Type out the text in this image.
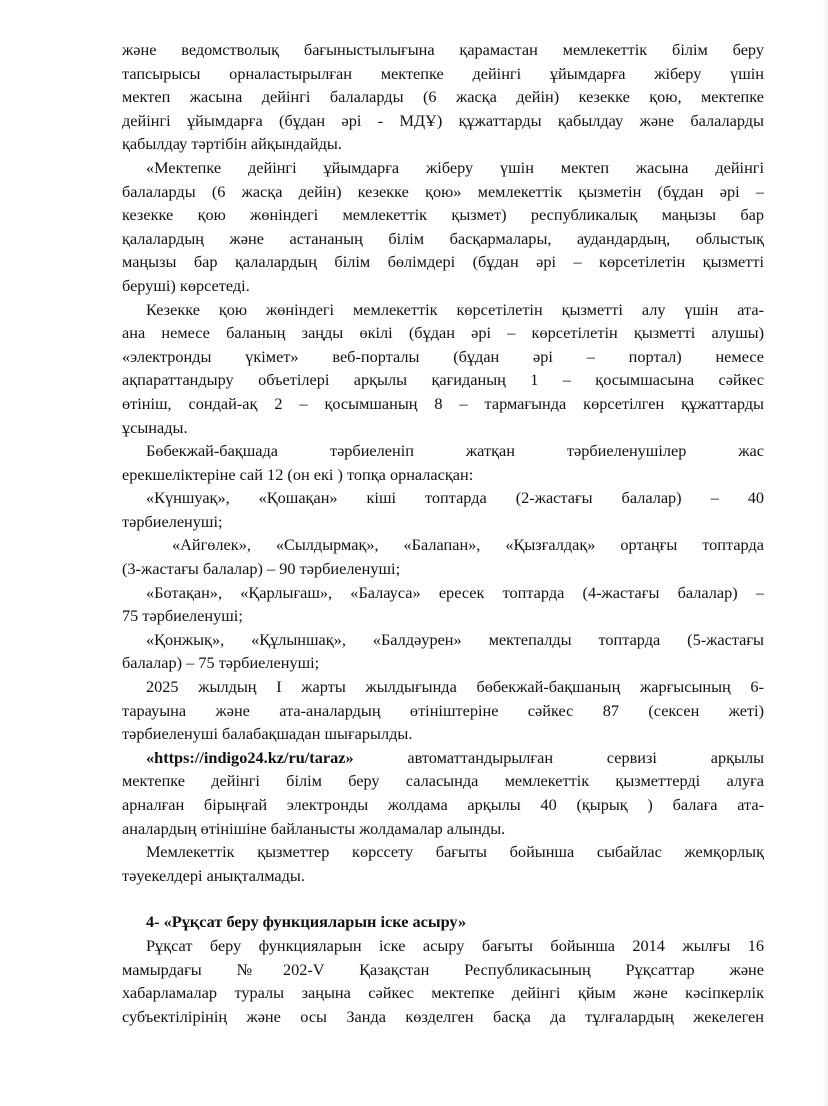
және ведомстволық бағыныстылығына қарамастан мемлекеттік білім беру
тапсырысы орналастырылған мектепке дейінгі ұйымдарға жіберу үшін
мектеп жасына дейінгі балаларды (6 жасқа дейін) кезекке қою, мектепке
дейінгі ұйымдарға (бұдан әрі - МДҰ) құжаттарды қабылдау және балаларды
қабылдау тәртібін айқындайды.
«Мектепке дейінгі ұйымдарға жіберу үшін мектеп жасына дейінгі
балаларды (6 жасқа дейін) кезекке қою» мемлекеттік қызметін (бұдан әрі –
кезекке қою жөніндегі мемлекеттік қызмет) республикалық маңызы бар
қалалардың және астананың білім басқармалары, аудандардың, облыстық
маңызы бар қалалардың білім бөлімдері (бұдан әрі – көрсетілетін қызметті
беруші) көрсетеді.
Кезекке қою жөніндегі мемлекеттік көрсетілетін қызметті алу үшін ата-
ана немесе баланың заңды өкілі (бұдан әрі – көрсетілетін қызметті алушы)
«электронды үкімет» веб-порталы (бұдан әрі – портал) немесе
ақпараттандыру объетілері арқылы қағиданың 1 – қосымшасына сәйкес
өтініш, сондай-ақ 2 – қосымшаның 8 – тармағында көрсетілген құжаттарды
ұсынады.
Бөбекжай-бақшада тәрбиеленіп жатқан тәрбиеленушілер жас
ерекшеліктеріне сай 12 (он екі ) топқа орналасқан:
«Күншуақ», «Қошақан» кіші топтарда (2-жастағы балалар) – 40
тәрбиеленуші;
«Айгөлек», «Сылдырмақ», «Балапан», «Қызғалдақ» ортаңғы топтарда
(3-жастағы балалар) – 90 тәрбиеленуші;
«Ботақан», «Қарлығаш», «Балауса» ересек топтарда (4-жастағы балалар) –
75 тәрбиеленуші;
«Қонжық», «Құлыншақ», «Балдәурен» мектепалды топтарда (5-жастағы
балалар) – 75 тәрбиеленуші;
2025 жылдың І жарты жылдығында бөбекжай-бақшаның жарғысының 6-
тарауына және ата-аналардың өтініштеріне сәйкес 87 (сексен жеті)
тәрбиеленуші балабақшадан шығарылды.
«https://indigo24.kz/ru/taraz»	автоматтандырылған сервизі арқылы
мектепке дейінгі білім беру саласында мемлекеттік қызметтерді алуға
арналған бірыңғай электронды жолдама арқылы 40 (қырық ) балаға ата-
аналардың өтінішіне байланысты жолдамалар алынды.
Мемлекеттік қызметтер көрссету бағыты бойынша сыбайлас жемқорлық
тәуекелдері анықталмады.
4- «Рұқсат беру функцияларын іске асыру»
Рұқсат беру функцияларын іске асыру бағыты бойынша 2014 жылғы 16
мамырдағы №202-V Қазақстан Республикасының Рұқсаттар және
хабарламалар туралы заңына сәйкес мектепке дейінгі қйым және кәсіпкерлік
субъектілірінің және осы Занда көзделген басқа да тұлғалардың жекелеген
